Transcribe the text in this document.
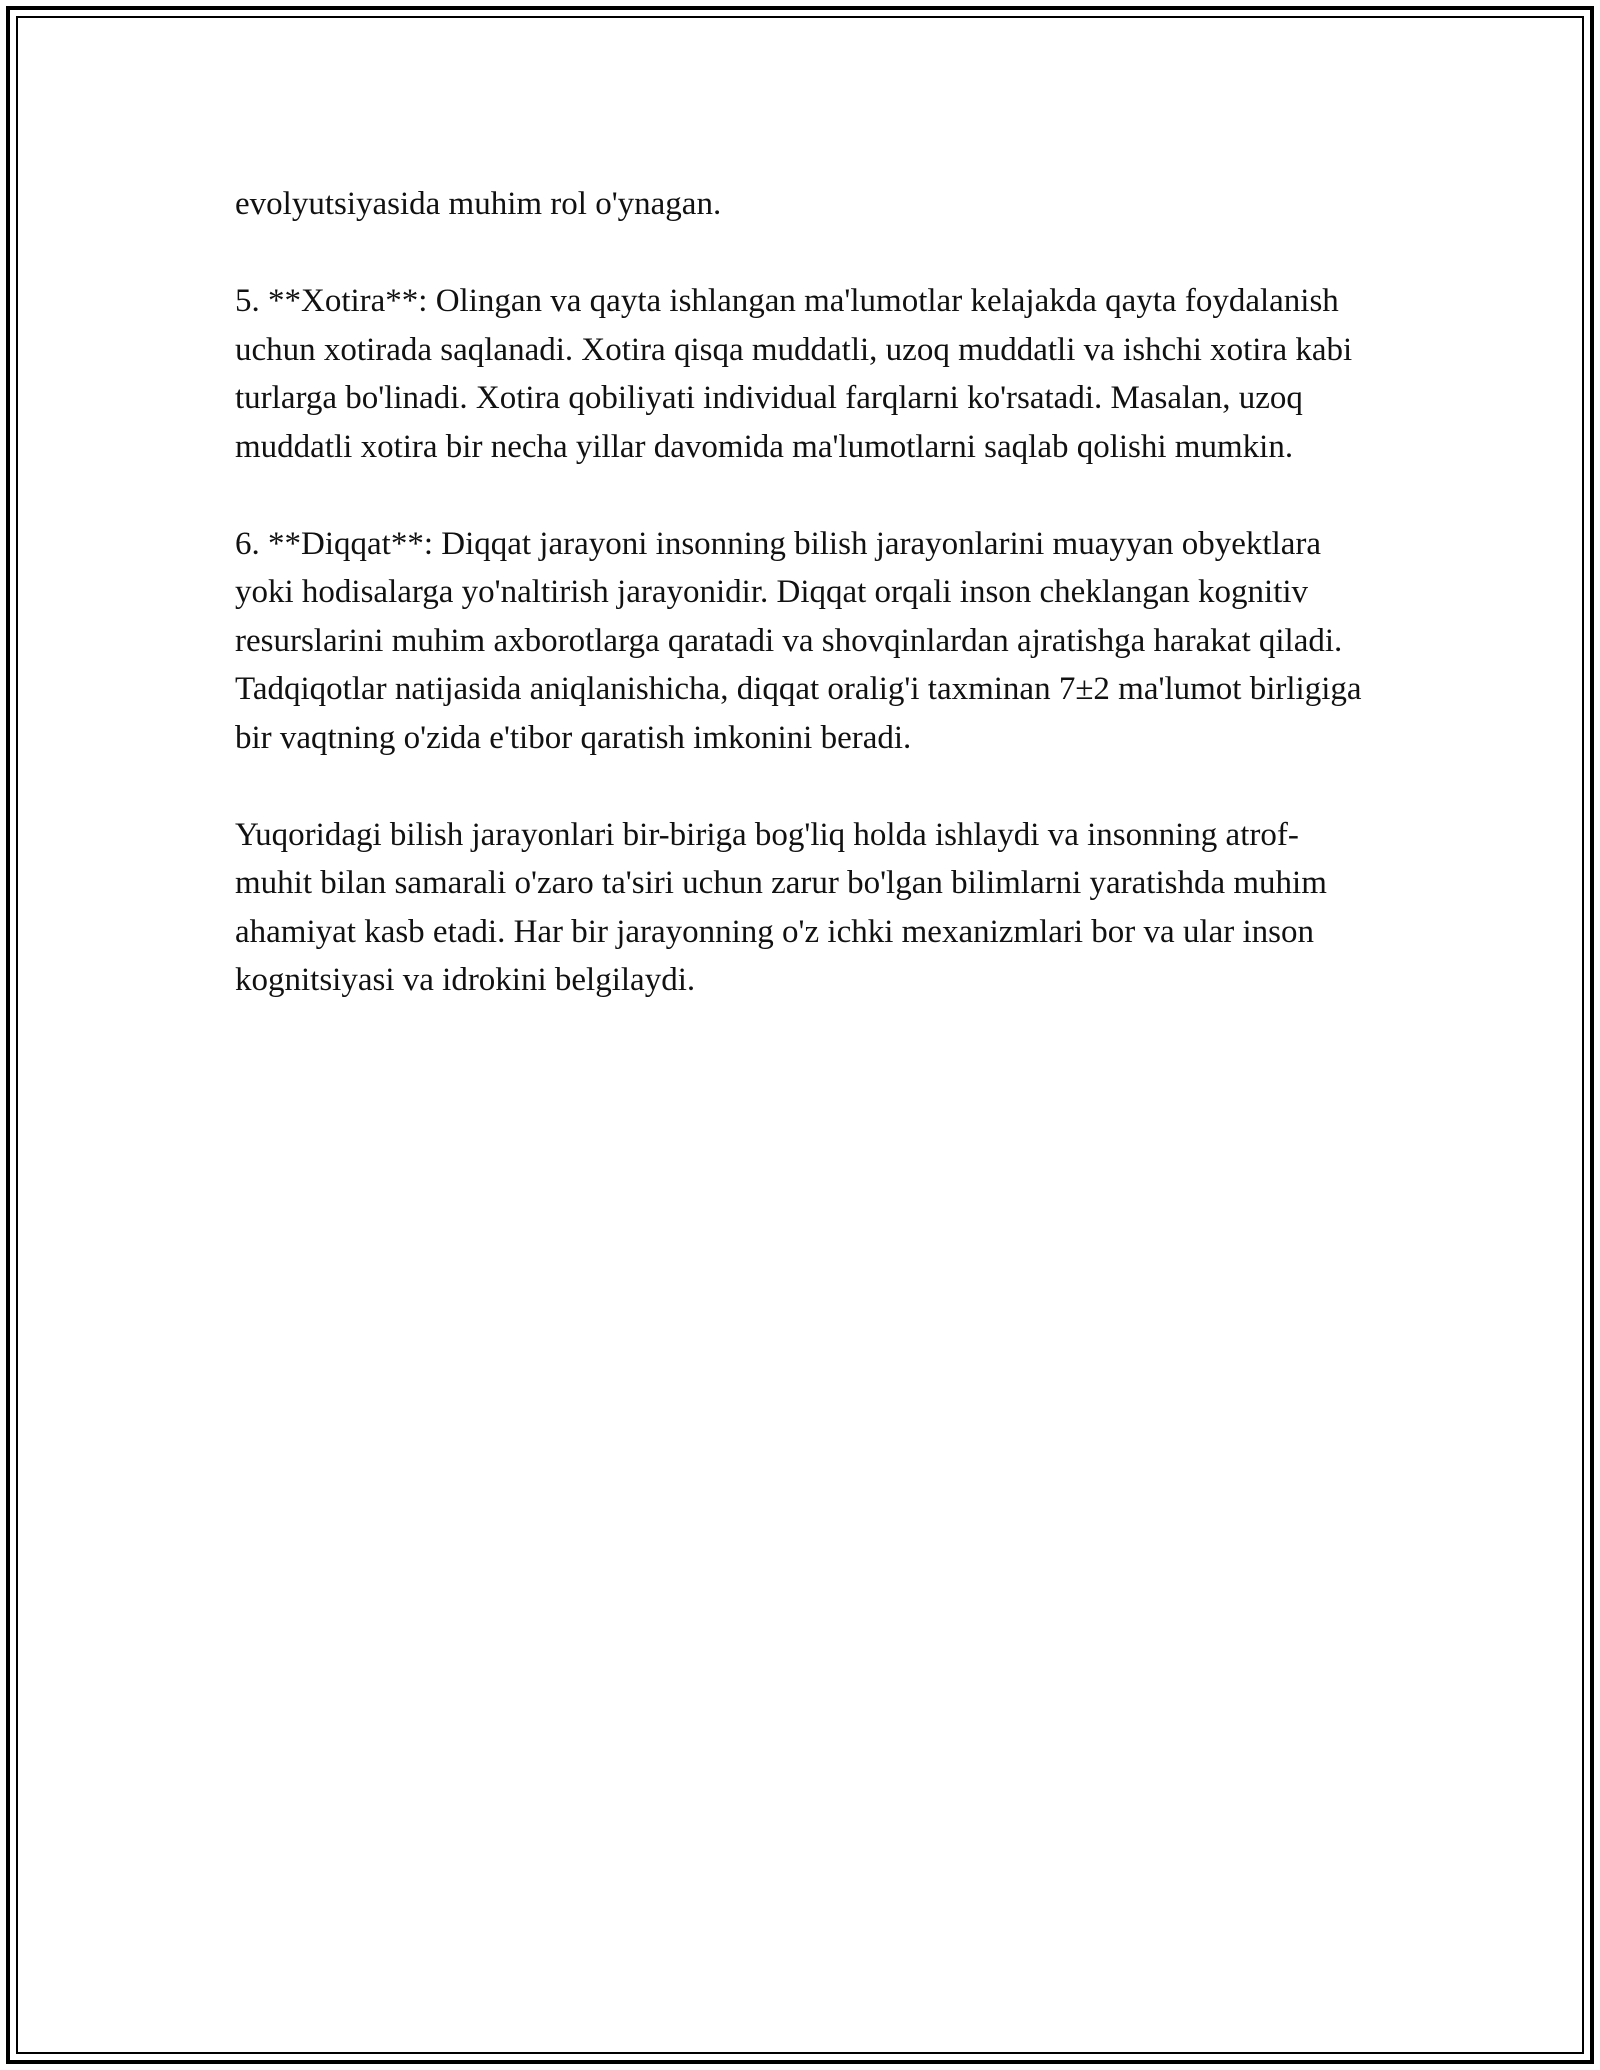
evolyutsiyasida muhim rol o'ynagan.

5. **Xotira**: Olingan va qayta ishlangan ma'lumotlar kelajakda qayta foydalanish uchun xotirada saqlanadi. Xotira qisqa muddatli, uzoq muddatli va ishchi xotira kabi turlarga bo'linadi. Xotira qobiliyati individual farqlarni ko'rsatadi. Masalan, uzoq muddatli xotira bir necha yillar davomida ma'lumotlarni saqlab qolishi mumkin.

6. **Diqqat**: Diqqat jarayoni insonning bilish jarayonlarini muayyan obyektlara yoki hodisalarga yo'naltirish jarayonidir. Diqqat orqali inson cheklangan kognitiv resurslarini muhim axborotlarga qaratadi va shovqinlardan ajratishga harakat qiladi. Tadqiqotlar natijasida aniqlanishicha, diqqat oralig'i taxminan 7±2 ma'lumot birligiga bir vaqtning o'zida e'tibor qaratish imkonini beradi.

Yuqoridagi bilish jarayonlari bir-biriga bog'liq holda ishlaydi va insonning atrof-muhit bilan samarali o'zaro ta'siri uchun zarur bo'lgan bilimlarni yaratishda muhim ahamiyat kasb etadi. Har bir jarayonning o'z ichki mexanizmlari bor va ular inson kognitsiyasi va idrokini belgilaydi.
